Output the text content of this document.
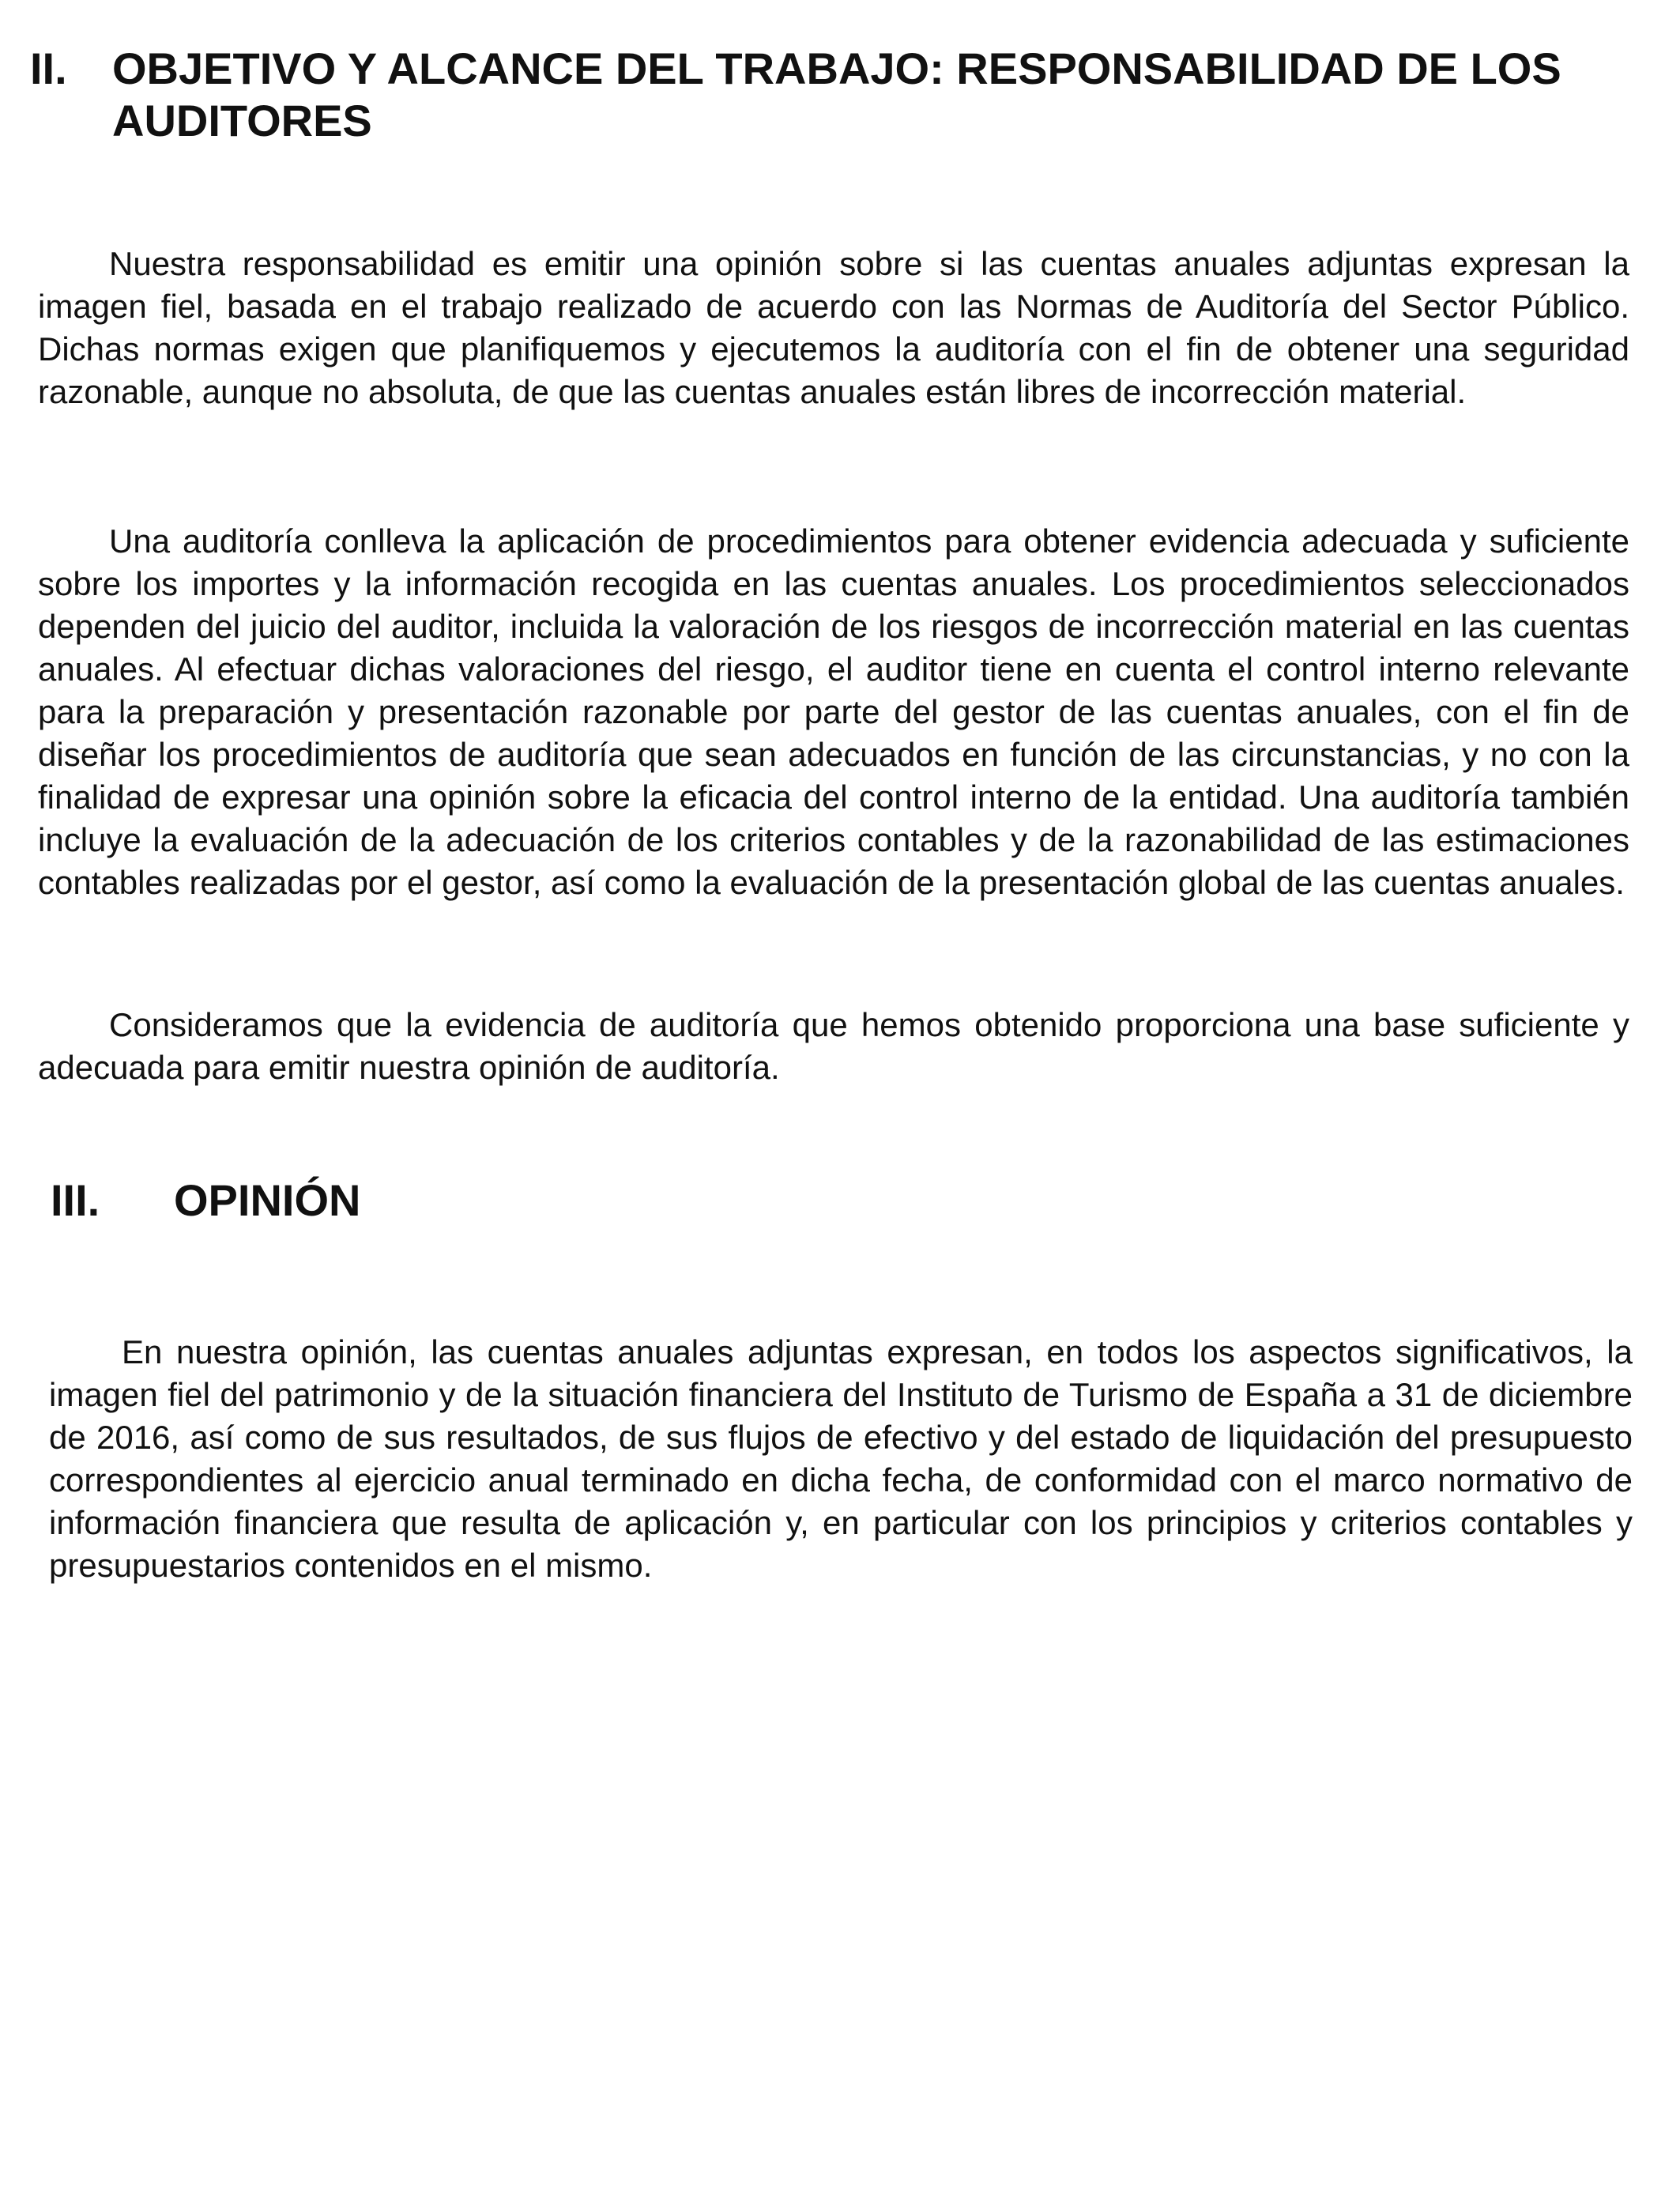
II. OBJETIVO Y ALCANCE DEL TRABAJO: RESPONSABILIDAD DE LOS AUDITORES

Nuestra responsabilidad es emitir una opinión sobre si las cuentas anuales adjuntas expresan la imagen fiel, basada en el trabajo realizado de acuerdo con las Normas de Auditoría del Sector Público. Dichas normas exigen que planifiquemos y ejecutemos la auditoría con el fin de obtener una seguridad razonable, aunque no absoluta, de que las cuentas anuales están libres de incorrección material.

Una auditoría conlleva la aplicación de procedimientos para obtener evidencia adecuada y suficiente sobre los importes y la información recogida en las cuentas anuales. Los procedimientos seleccionados dependen del juicio del auditor, incluida la valoración de los riesgos de incorrección material en las cuentas anuales. Al efectuar dichas valoraciones del riesgo, el auditor tiene en cuenta el control interno relevante para la preparación y presentación razonable por parte del gestor de las cuentas anuales, con el fin de diseñar los procedimientos de auditoría que sean adecuados en función de las circunstancias, y no con la finalidad de expresar una opinión sobre la eficacia del control interno de la entidad. Una auditoría también incluye la evaluación de la adecuación de los criterios contables y de la razonabilidad de las estimaciones contables realizadas por el gestor, así como la evaluación de la presentación global de las cuentas anuales.

Consideramos que la evidencia de auditoría que hemos obtenido proporciona una base suficiente y adecuada para emitir nuestra opinión de auditoría.

III. OPINIÓN

En nuestra opinión, las cuentas anuales adjuntas expresan, en todos los aspectos significativos, la imagen fiel del patrimonio y de la situación financiera del Instituto de Turismo de España a 31 de diciembre de 2016, así como de sus resultados, de sus flujos de efectivo y del estado de liquidación del presupuesto correspondientes al ejercicio anual terminado en dicha fecha, de conformidad con el marco normativo de información financiera que resulta de aplicación y, en particular con los principios y criterios contables y presupuestarios contenidos en el mismo.
